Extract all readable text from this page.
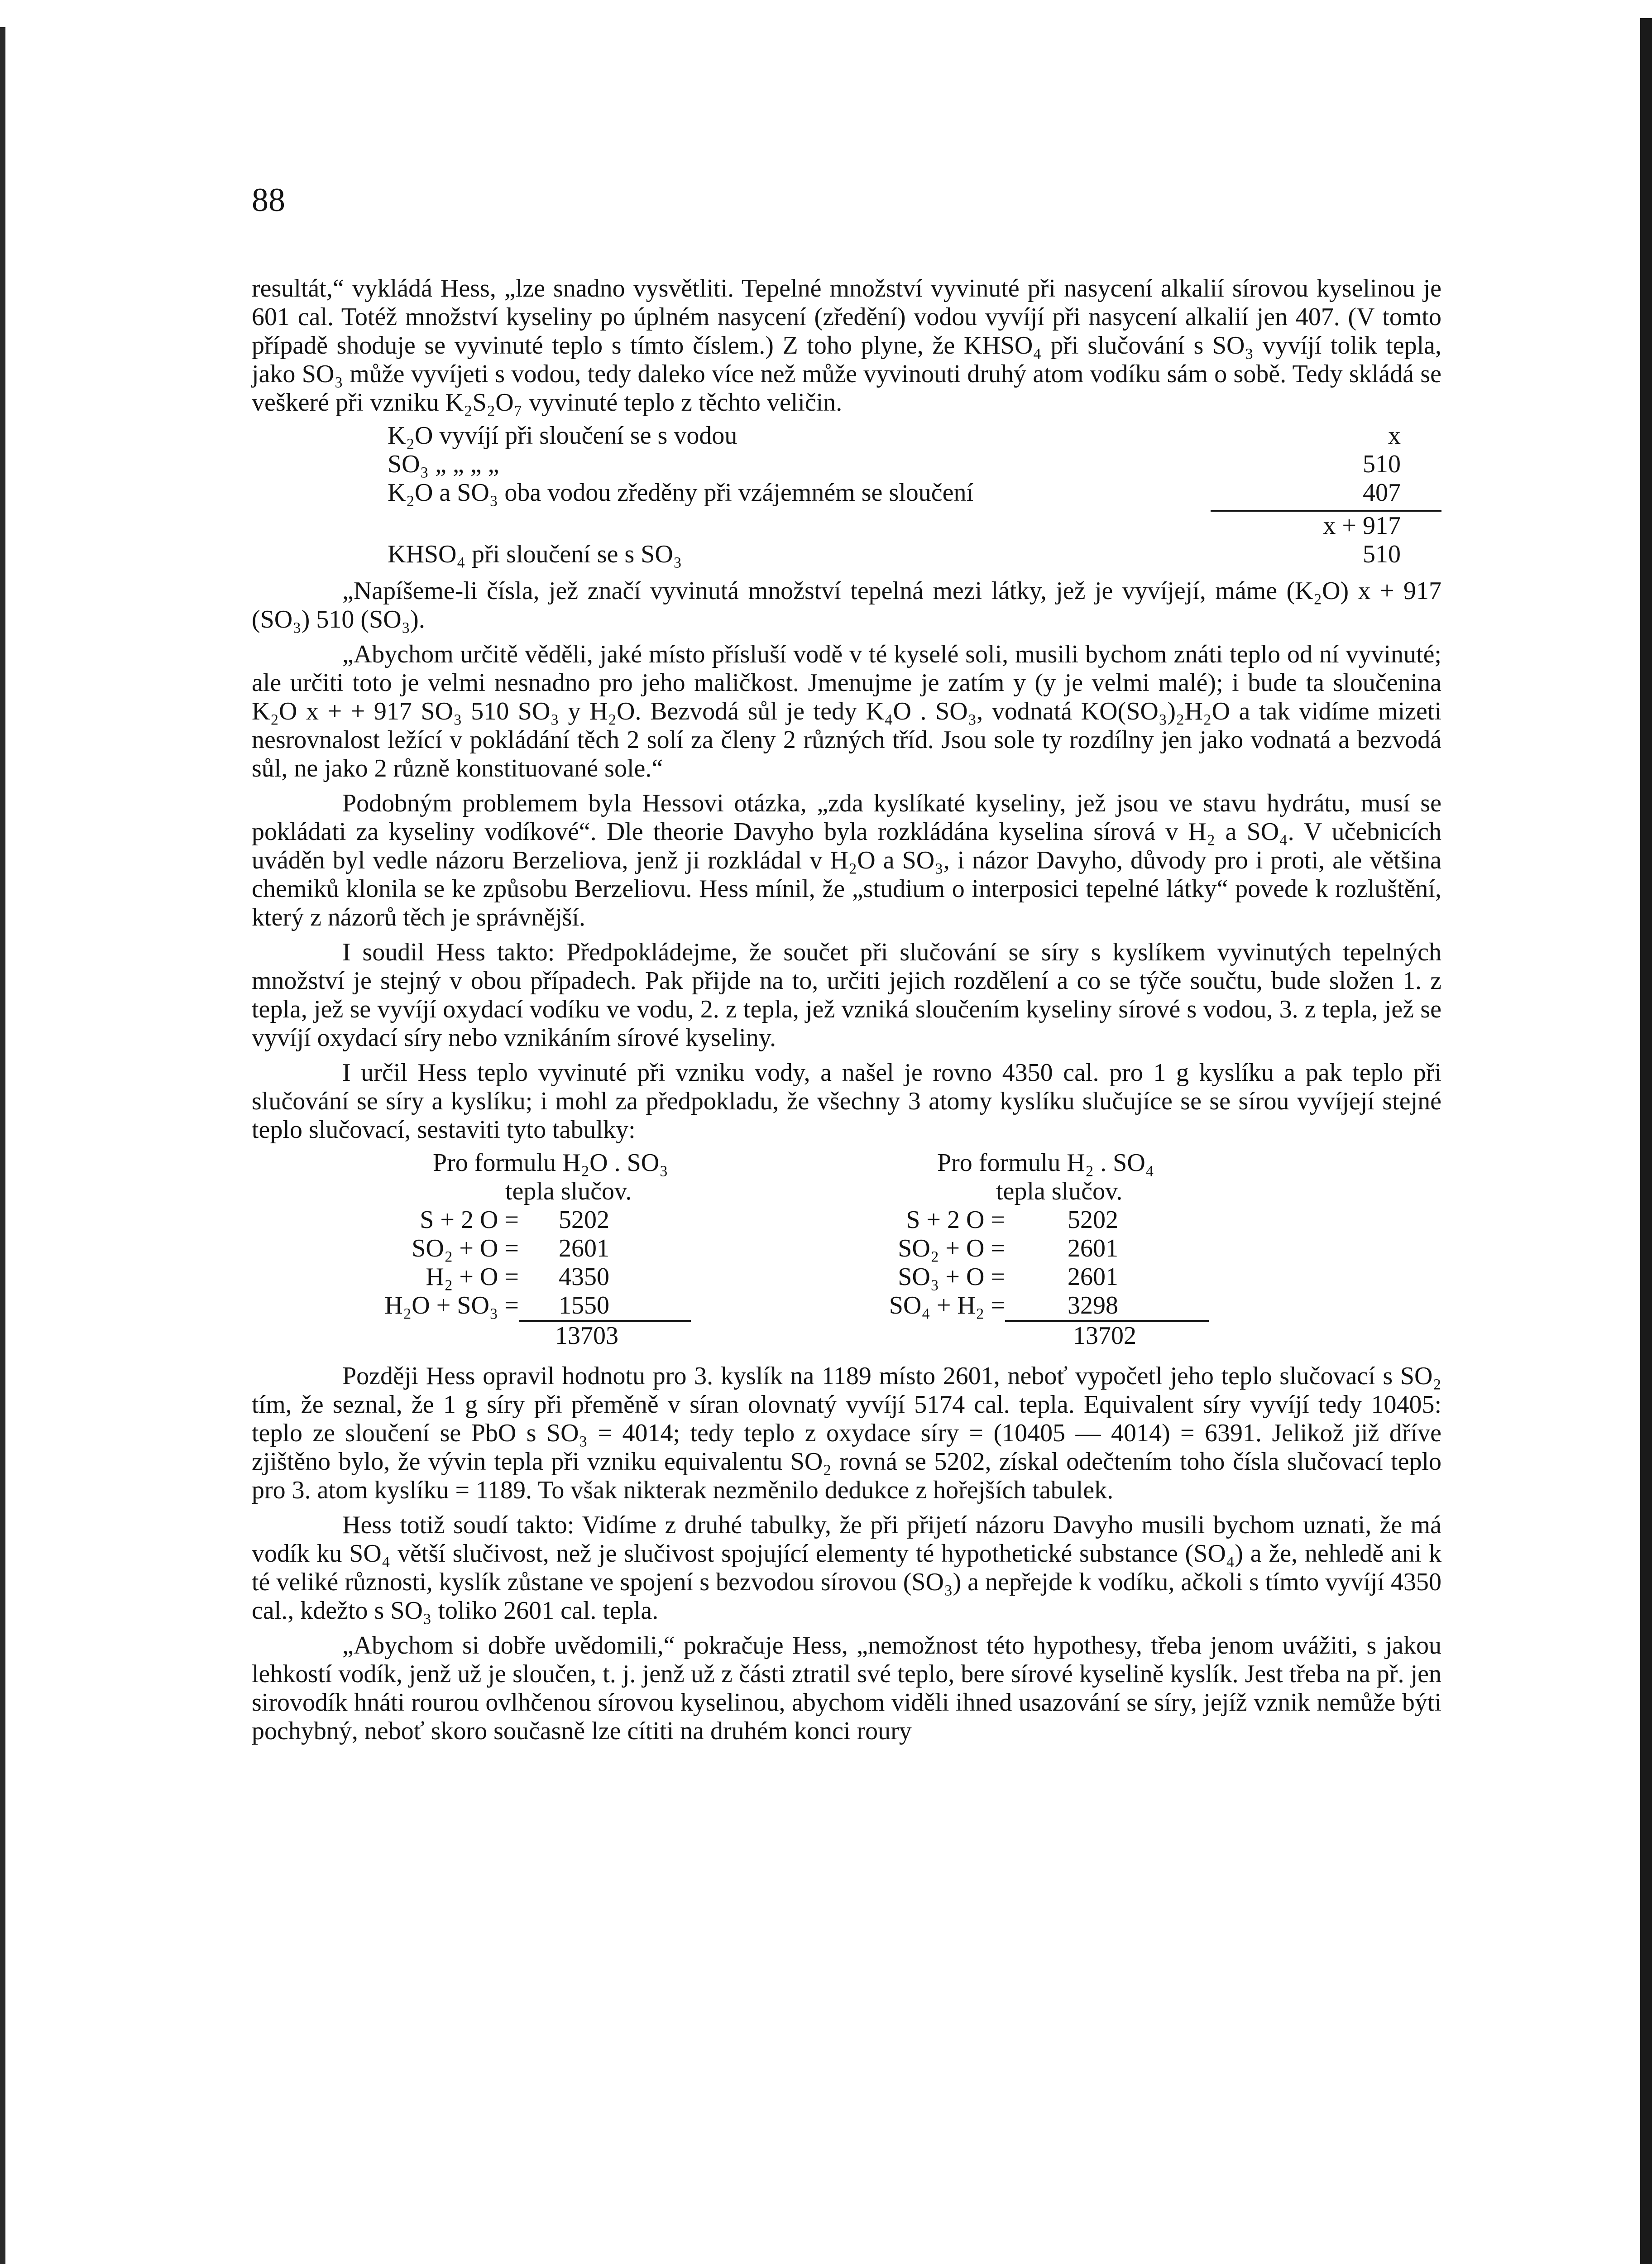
88

resultát,“ vykládá Hess, „lze snadno vysvětliti. Tepelné množství vyvinuté při nasycení alkalií sírovou kyselinou je 601 cal. Totéž množství kyseliny po úplném nasycení (zředění) vodou vyvíjí při nasycení alkalií jen 407. (V tomto případě shoduje se vyvinuté teplo s tímto číslem.) Z toho plyne, že KHSO₄ při slučování s SO₃ vyvíjí tolik tepla, jako SO₃ může vyvíjeti s vodou, tedy daleko více než může vyvinouti druhý atom vodíku sám o sobě. Tedy skládá se veškeré při vzniku K₂S₂O₇ vyvinuté teplo z těchto veličin.

K₂O vyvíjí při sloučení se s vodou	x
SO₃ „ „ „ „	510
K₂O a SO₃ oba vodou zředěny při vzájemném se sloučení	407
x + 917
KHSO₄ při sloučení se s SO₃	510

„Napíšeme-li čísla, jež značí vyvinutá množství tepelná mezi látky, jež je vyvíjejí, máme (K₂O) x + 917 (SO₃) 510 (SO₃).

„Abychom určitě věděli, jaké místo přísluší vodě v té kyselé soli, musili bychom znáti teplo od ní vyvinuté; ale určiti toto je velmi nesnadno pro jeho maličkost. Jmenujme je zatím y (y je velmi malé); i bude ta sloučenina K₂O x + + 917 SO₃ 510 SO₃ y H₂O. Bezvodá sůl je tedy K₄O . SO₃, vodnatá KO(SO₃)₂H₂O a tak vidíme mizeti nesrovnalost ležící v pokládání těch 2 solí za členy 2 různých tříd. Jsou sole ty rozdílny jen jako vodnatá a bezvodá sůl, ne jako 2 různě konstituované sole.“

Podobným problemem byla Hessovi otázka, „zda kyslíkaté kyseliny, jež jsou ve stavu hydrátu, musí se pokládati za kyseliny vodíkové“. Dle theorie Davyho byla rozkládána kyselina sírová v H₂ a SO₄. V učebnicích uváděn byl vedle názoru Berzeliova, jenž ji rozkládal v H₂O a SO₃, i názor Davyho, důvody pro i proti, ale většina chemiků klonila se ke způsobu Berzeliovu. Hess mínil, že „studium o interposici tepelné látky“ povede k rozluštění, který z názorů těch je správnější.

I soudil Hess takto: Předpokládejme, že součet při slučování se síry s kyslíkem vyvinutých tepelných množství je stejný v obou případech. Pak přijde na to, určiti jejich rozdělení a co se týče součtu, bude složen 1. z tepla, jež se vyvíjí oxydací vodíku ve vodu, 2. z tepla, jež vzniká sloučením kyseliny sírové s vodou, 3. z tepla, jež se vyvíjí oxydací síry nebo vznikáním sírové kyseliny.

I určil Hess teplo vyvinuté při vzniku vody, a našel je rovno 4350 cal. pro 1 g kyslíku a pak teplo při slučování se síry a kyslíku; i mohl za předpokladu, že všechny 3 atomy kyslíku slučujíce se se sírou vyvíjejí stejné teplo slučovací, sestaviti tyto tabulky:

Pro formulu H₂O . SO₃
tepla slučov.
S + 2 O =	5202
SO₂ + O =	2601
H₂ + O =	4350
H₂O + SO₃ =	1550
13703
Pro formulu H₂ . SO₄
tepla slučov.
S + 2 O =	5202
SO₂ + O =	2601
SO₃ + O =	2601
SO₄ + H₂ =	3298
13702

Později Hess opravil hodnotu pro 3. kyslík na 1189 místo 2601, neboť vypočetl jeho teplo slučovací s SO₂ tím, že seznal, že 1 g síry při přeměně v síran olovnatý vyvíjí 5174 cal. tepla. Equivalent síry vyvíjí tedy 10405: teplo ze sloučení se PbO s SO₃ = 4014; tedy teplo z oxydace síry = (10405 — 4014) = 6391. Jelikož již dříve zjištěno bylo, že vývin tepla při vzniku equivalentu SO₂ rovná se 5202, získal odečtením toho čísla slučovací teplo pro 3. atom kyslíku = 1189. To však nikterak nezměnilo dedukce z hořejších tabulek.

Hess totiž soudí takto: Vidíme z druhé tabulky, že při přijetí názoru Davyho musili bychom uznati, že má vodík ku SO₄ větší slučivost, než je slučivost spojující elementy té hypothetické substance (SO₄) a že, nehledě ani k té veliké různosti, kyslík zůstane ve spojení s bezvodou sírovou (SO₃) a nepřejde k vodíku, ačkoli s tímto vyvíjí 4350 cal., kdežto s SO₃ toliko 2601 cal. tepla.

„Abychom si dobře uvědomili,“ pokračuje Hess, „nemožnost této hypothesy, třeba jenom uvážiti, s jakou lehkostí vodík, jenž už je sloučen, t. j. jenž už z části ztratil své teplo, bere sírové kyselině kyslík. Jest třeba na př. jen sirovodík hnáti rourou ovlhčenou sírovou kyselinou, abychom viděli ihned usazování se síry, jejíž vznik nemůže býti pochybný, neboť skoro současně lze cítiti na druhém konci roury
